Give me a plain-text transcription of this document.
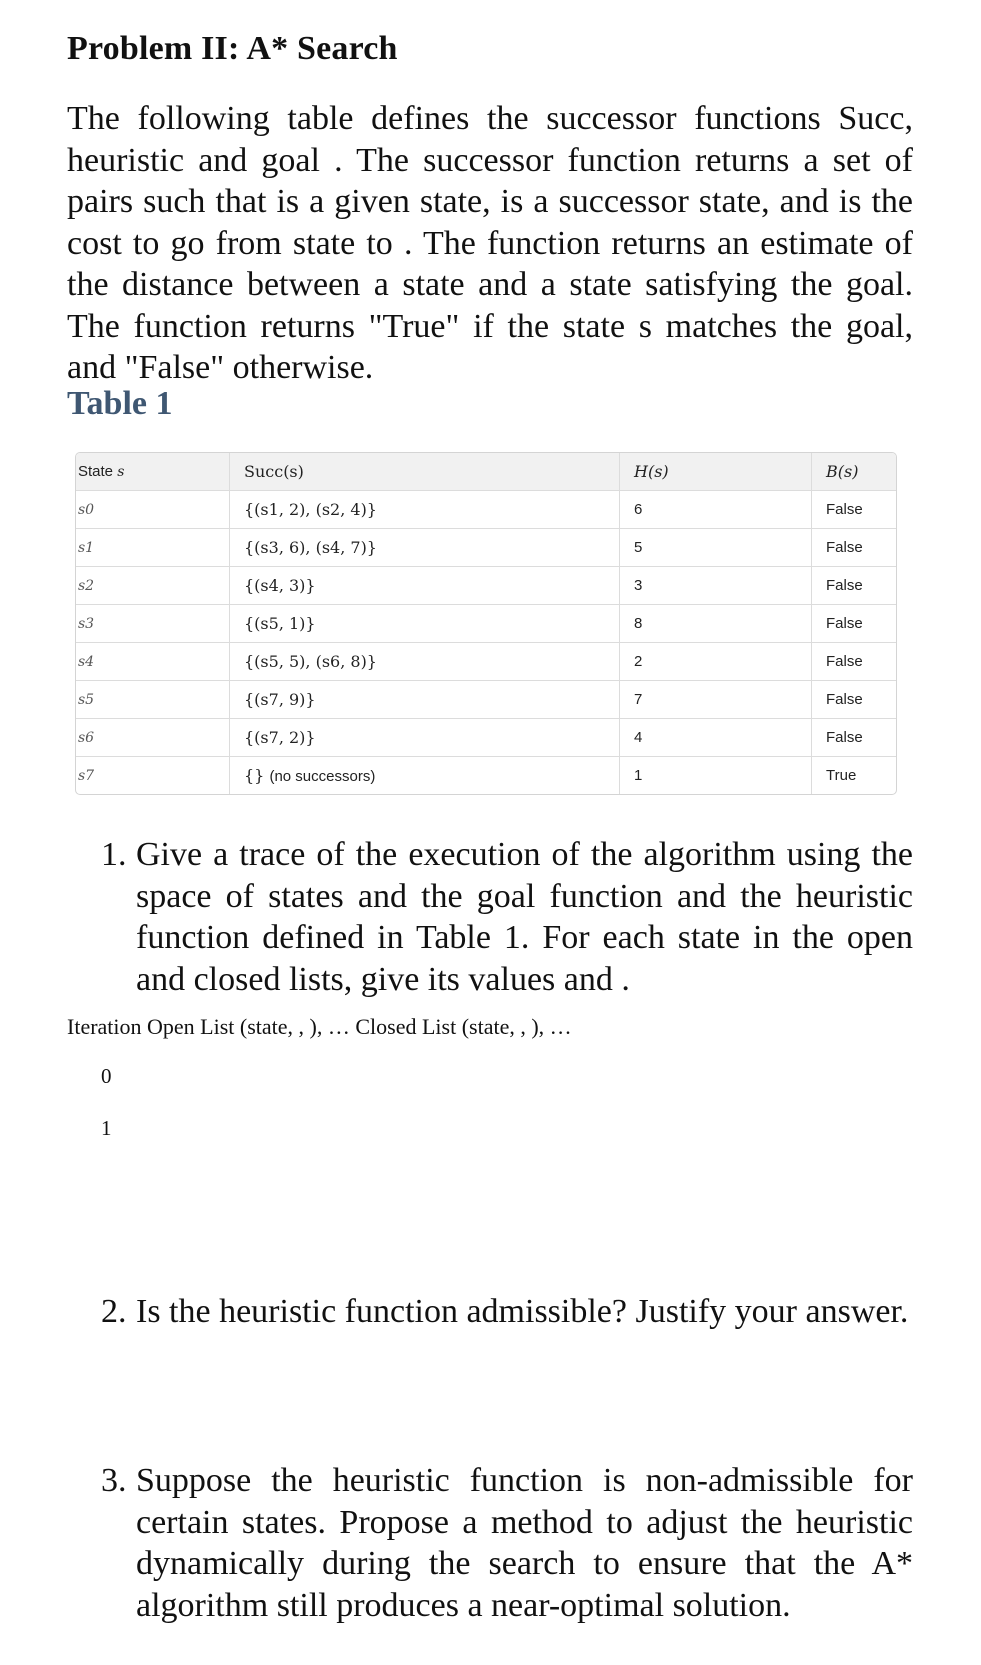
Problem II: A* Search

The following table defines the successor functions Succ, heuristic and goal . The successor function returns a set of pairs such that is a given state, is a successor state, and is the cost to go from state to . The function returns an estimate of the distance between a state and a state satisfying the goal. The function returns "True" if the state s matches the goal, and "False" otherwise.

Table 1

State s	Succ(s)	H(s)	B(s)
s0	{(s1, 2), (s2, 4)}	6	False
s1	{(s3, 6), (s4, 7)}	5	False
s2	{(s4, 3)}	3	False
s3	{(s5, 1)}	8	False
s4	{(s5, 5), (s6, 8)}	2	False
s5	{(s7, 9)}	7	False
s6	{(s7, 2)}	4	False
s7	{} (no successors)	1	True
1. Give a trace of the execution of the algorithm using the space of states and the goal function and the heuristic function defined in Table 1. For each state in the open and closed lists, give its values and .

Iteration Open List (state, , ), … Closed List (state, , ), …

0

1

2. Is the heuristic function admissible? Justify your answer.
3. Suppose the heuristic function is non-admissible for certain states. Propose a method to adjust the heuristic dynamically during the search to ensure that the A* algorithm still produces a near-optimal solution.
